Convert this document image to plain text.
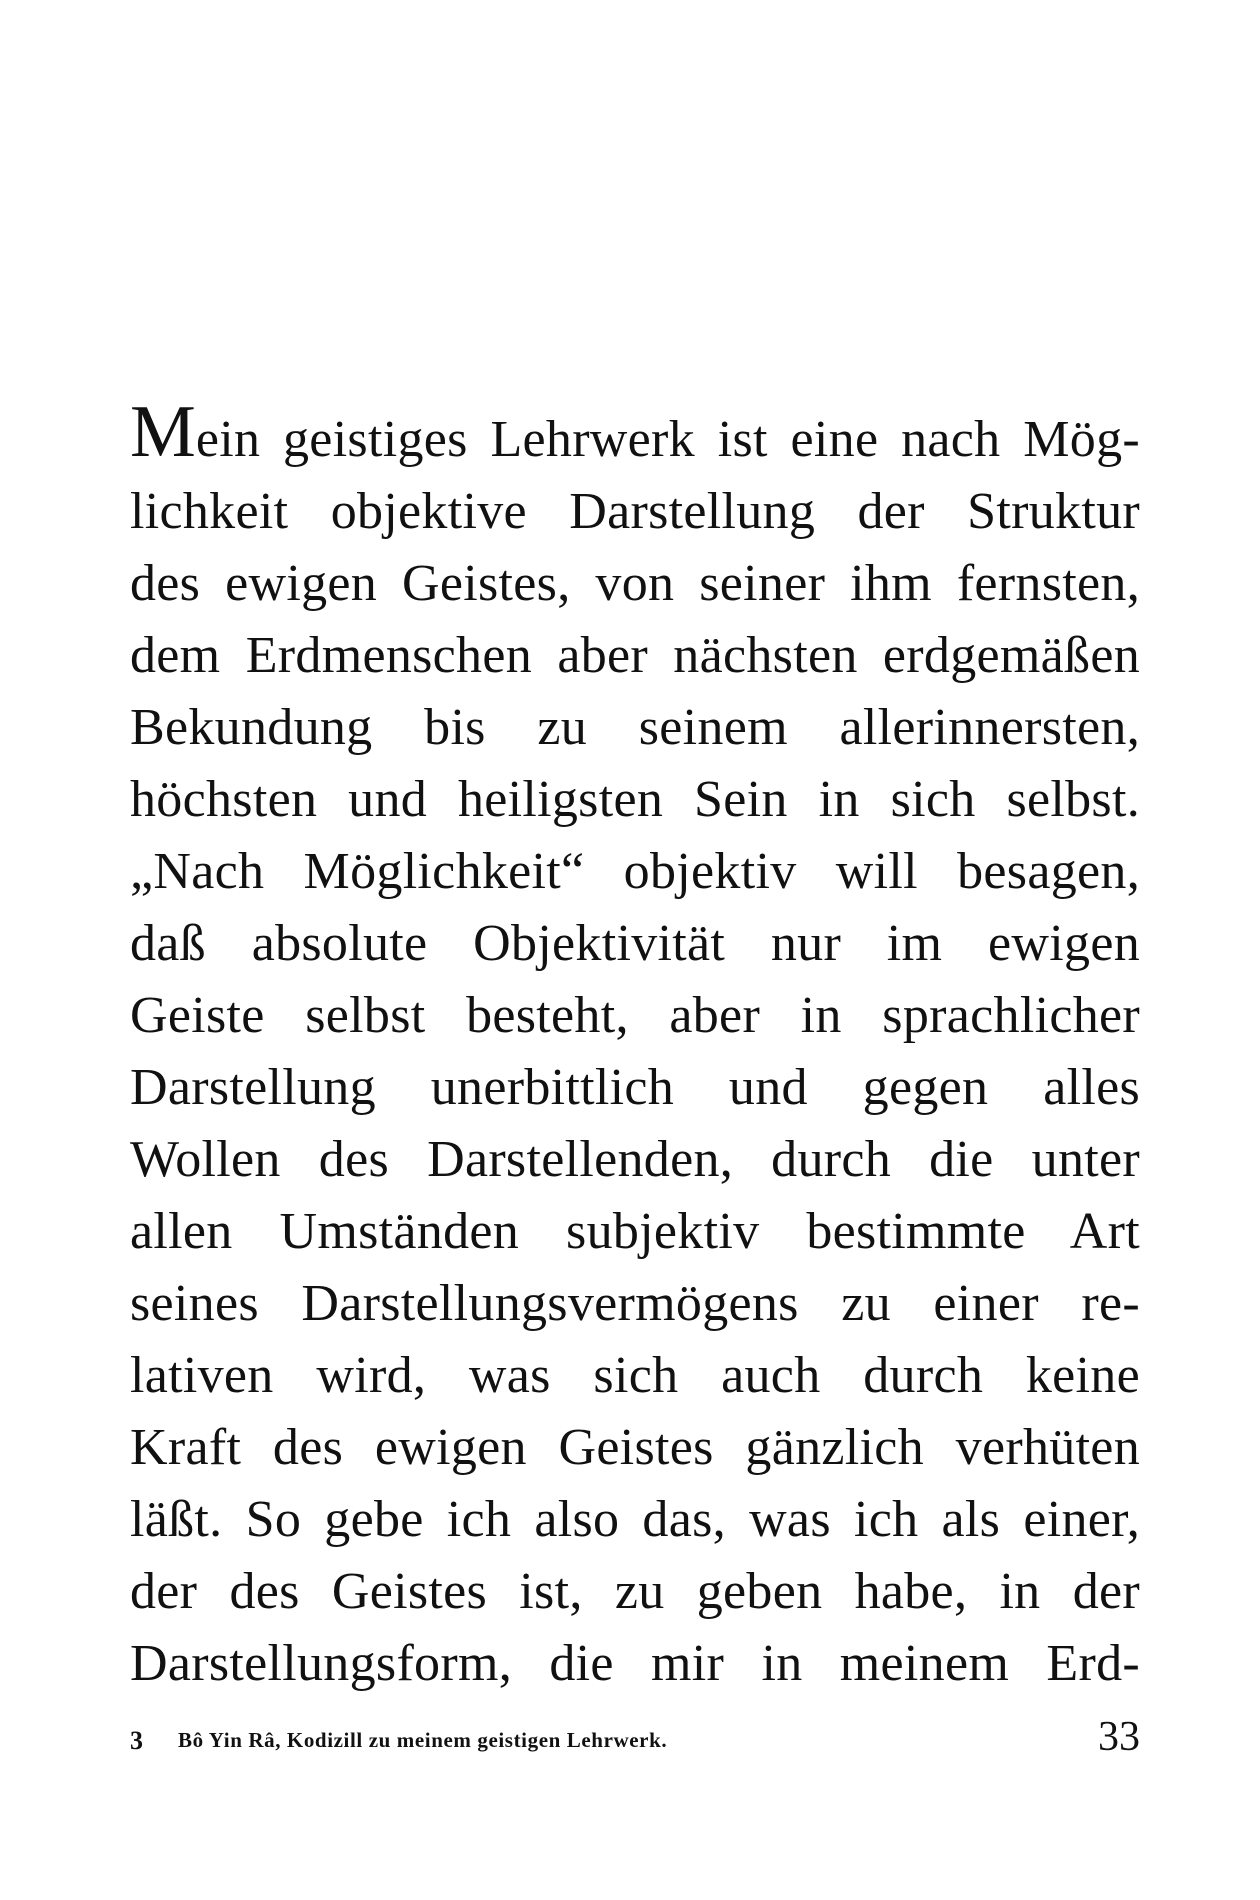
Mein geistiges Lehrwerk ist eine nach Mög-
lichkeit objektive Darstellung der Struktur
des ewigen Geistes, von seiner ihm fernsten,
dem Erdmenschen aber nächsten erdgemäßen
Bekundung bis zu seinem allerinnersten,
höchsten und heiligsten Sein in sich selbst.
„Nach Möglichkeit“ objektiv will besagen,
daß absolute Objektivität nur im ewigen
Geiste selbst besteht, aber in sprachlicher
Darstellung unerbittlich und gegen alles
Wollen des Darstellenden, durch die unter
allen Umständen subjektiv bestimmte Art
seines Darstellungsvermögens zu einer re-
lativen wird, was sich auch durch keine
Kraft des ewigen Geistes gänzlich verhüten
läßt. So gebe ich also das, was ich als einer,
der des Geistes ist, zu geben habe, in der
Darstellungsform, die mir in meinem Erd-
3 Bô Yin Râ, Kodizill zu meinem geistigen Lehrwerk.	33
